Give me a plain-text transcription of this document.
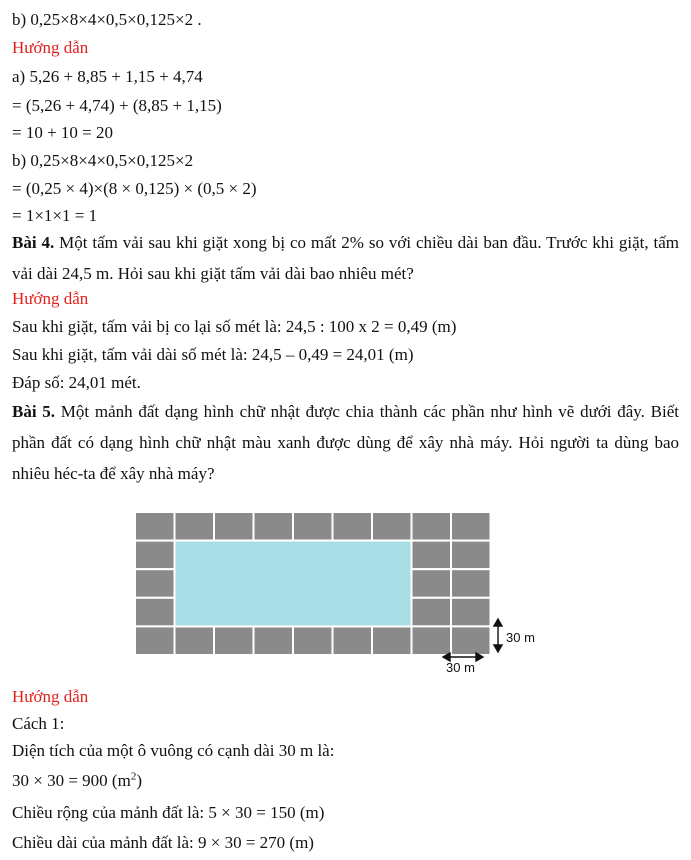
b) 0,25×8×4×0,5×0,125×2 .
Hướng dẫn
a) 5,26 + 8,85 + 1,15 + 4,74
= (5,26 + 4,74) + (8,85 + 1,15)
= 10 + 10 = 20
b) 0,25×8×4×0,5×0,125×2
= (0,25 × 4)×(8 × 0,125) × (0,5 × 2)
= 1×1×1 = 1
Bài 4. Một tấm vải sau khi giặt xong bị co mất 2% so với chiều dài ban đầu. Trước khi giặt, tấm vải dài 24,5 m. Hỏi sau khi giặt tấm vải dài bao nhiêu mét?
Hướng dẫn
Sau khi giặt, tấm vải bị co lại số mét là: 24,5 : 100 x 2 = 0,49 (m)
Sau khi giặt, tấm vải dài số mét là: 24,5 – 0,49 = 24,01 (m)
Đáp số: 24,01 mét.
Bài 5. Một mảnh đất dạng hình chữ nhật được chia thành các phần như hình vẽ dưới đây. Biết phần đất có dạng hình chữ nhật màu xanh được dùng để xây nhà máy. Hỏi người ta dùng bao nhiêu héc-ta để xây nhà máy?
30 m
30 m
Hướng dẫn
Cách 1:
Diện tích của một ô vuông có cạnh dài 30 m là:
30 × 30 = 900 $(m^2)$
Chiều rộng của mảnh đất là: 5 × 30 = 150 (m)
Chiều dài của mảnh đất là: 9 × 30 = 270 (m)
